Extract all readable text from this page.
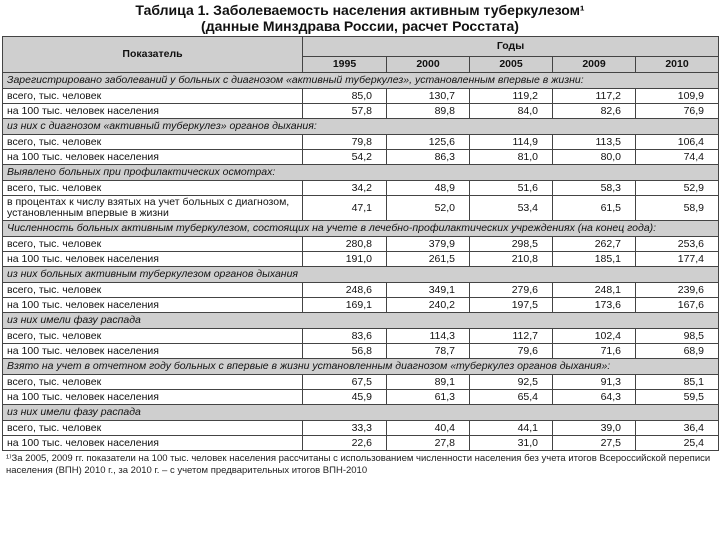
Таблица 1. Заболеваемость населения активным туберкулезом¹
(данные Минздрава России, расчет Росстата)
Показатель	Годы				
	1995	2000	2005	2009	2010
Зарегистрировано заболеваний у больных с диагнозом «активный туберкулез», установленным впервые в жизни:					
всего, тыс. человек	85,0	130,7	119,2	117,2	109,9
на 100 тыс. человек населения	57,8	89,8	84,0	82,6	76,9
из них с диагнозом «активный туберкулез» органов дыхания:					
всего, тыс. человек	79,8	125,6	114,9	113,5	106,4
на 100 тыс. человек населения	54,2	86,3	81,0	80,0	74,4
Выявлено больных при профилактических осмотрах:					
всего, тыс. человек	34,2	48,9	51,6	58,3	52,9
в процентах к числу взятых на учет больных с диагнозом, установленным впервые в жизни	47,1	52,0	53,4	61,5	58,9
Численность больных активным туберкулезом, состоящих на учете в лечебно-профилактических учреждениях (на конец года):					
всего, тыс. человек	280,8	379,9	298,5	262,7	253,6
на 100 тыс. человек населения	191,0	261,5	210,8	185,1	177,4
из них больных активным туберкулезом органов дыхания					
всего, тыс. человек	248,6	349,1	279,6	248,1	239,6
на 100 тыс. человек населения	169,1	240,2	197,5	173,6	167,6
из них имели фазу распада					
всего, тыс. человек	83,6	114,3	112,7	102,4	98,5
на 100 тыс. человек населения	56,8	78,7	79,6	71,6	68,9
Взято на учет в отчетном году больных с впервые в жизни установленным диагнозом «туберкулез органов дыхания»:					
всего, тыс. человек	67,5	89,1	92,5	91,3	85,1
на 100 тыс. человек населения	45,9	61,3	65,4	64,3	59,5
из них имели фазу распада					
всего, тыс. человек	33,3	40,4	44,1	39,0	36,4
на 100 тыс. человек населения	22,6	27,8	31,0	27,5	25,4
¹⁾За 2005, 2009 гг. показатели на 100 тыс. человек населения рассчитаны с использованием численности населения без учета итогов Всероссийской переписи населения (ВПН) 2010 г., за 2010 г. – с учетом предварительных итогов ВПН-2010
